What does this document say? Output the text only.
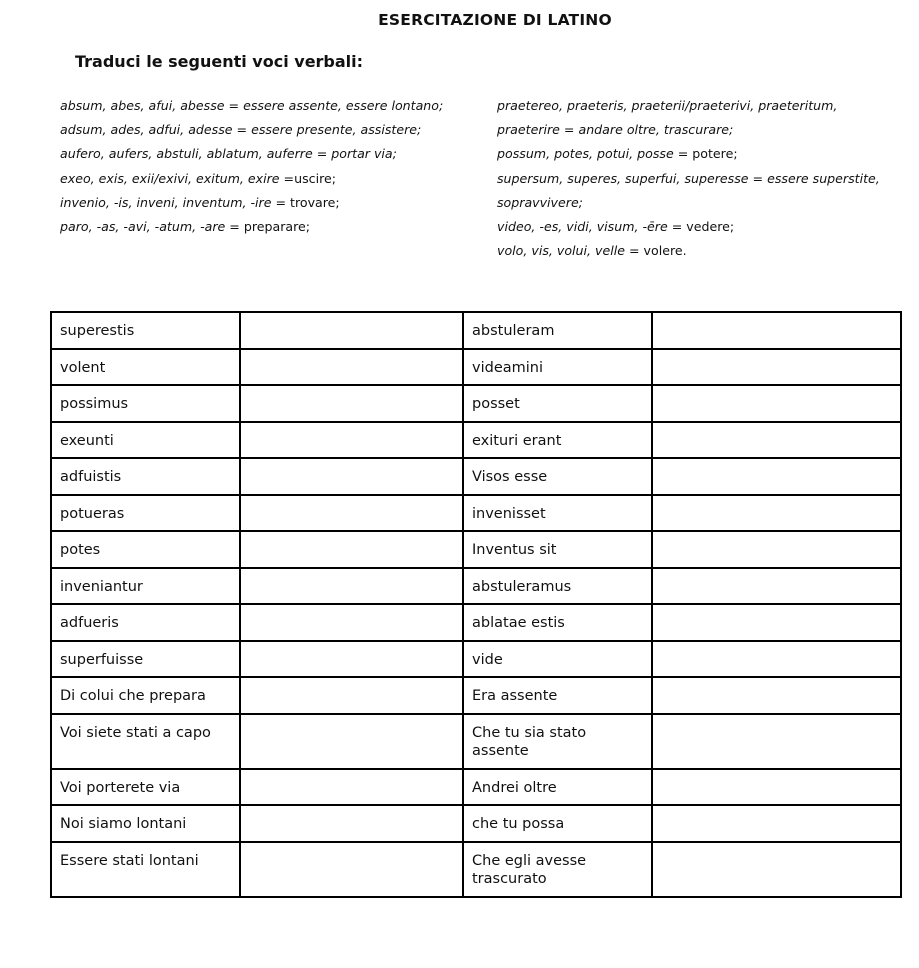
ESERCITAZIONE DI LATINO
Traduci le seguenti voci verbali:
absum, abes, afui, abesse = essere assente, essere lontano;
adsum, ades, adfui, adesse = essere presente, assistere;
aufero, aufers, abstuli, ablatum, auferre = portar via;
exeo, exis, exii/exivi, exitum, exire =uscire;
invenio, -is, inveni, inventum, -ire = trovare;
paro, -as, -avi, -atum, -are = preparare;
praetereo, praeteris, praeterii/praeterivi, praeteritum,
praeterire = andare oltre, trascurare;
possum, potes, potui, posse = potere;
supersum, superes, superfui, superesse = essere superstite,
sopravvivere;
video, -es, vidi, visum, -ēre = vedere;
volo, vis, volui, velle = volere.
superestis		abstuleram	
volent		videamini	
possimus		posset	
exeunti		exituri erant	
adfuistis		Visos esse	
potueras		invenisset	
potes		Inventus sit	
inveniantur		abstuleramus	
adfueris		ablatae estis	
superfuisse		vide	
Di colui che prepara		Era assente	
Voi siete stati a capo		Che tu sia stato assente	
Voi porterete via		Andrei oltre	
Noi siamo lontani		che tu possa	
Essere stati lontani		Che egli avesse trascurato	
